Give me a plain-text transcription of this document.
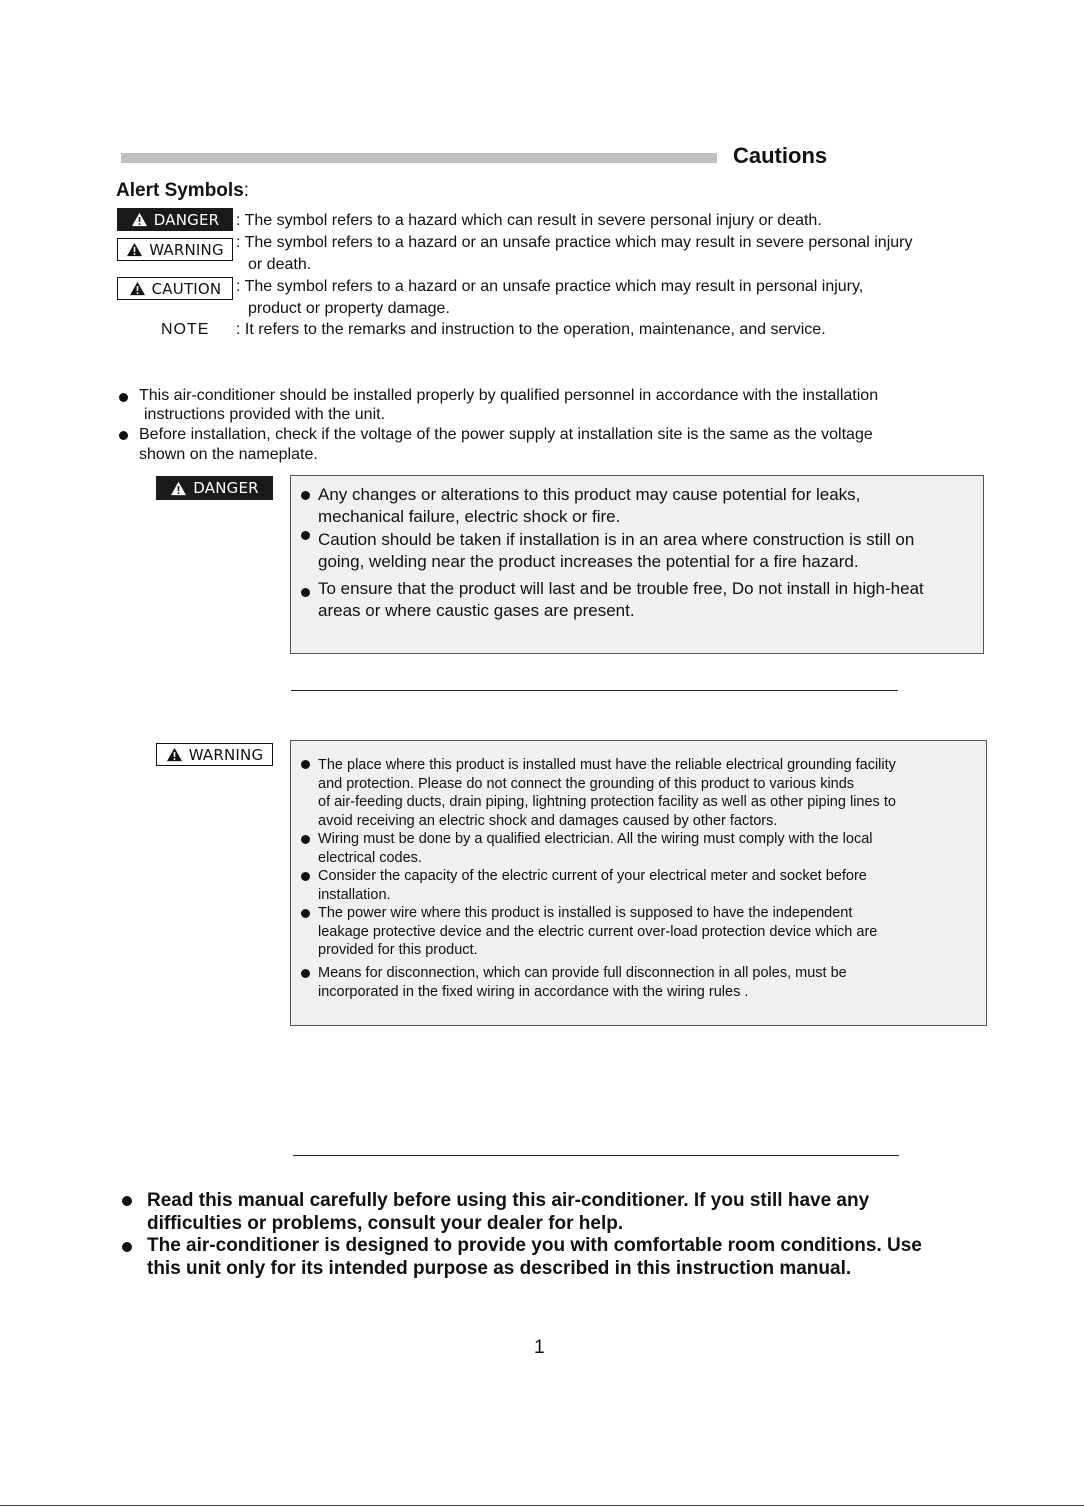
Cautions
Alert Symbols:
DANGER : The symbol refers to a hazard which can result in severe personal injury or death.
WARNING : The symbol refers to a hazard or an unsafe practice which may result in severe personal injury
or death.
CAUTION : The symbol refers to a hazard or an unsafe practice which may result in personal injury,
product or property damage.
NOTE : It refers to the remarks and instruction to the operation, maintenance, and service.
This air-conditioner should be installed properly by qualified personnel in accordance with the installation
instructions provided with the unit.
Before installation, check if the voltage of the power supply at installation site is the same as the voltage
shown on the nameplate.
DANGER	Any changes or alterations to this product may cause potential for leaks,
mechanical failure, electric shock or fire.
Caution should be taken if installation is in an area where construction is still on
going, welding near the product increases the potential for a fire hazard.
To ensure that the product will last and be trouble free, Do not install in high-heat
areas or where caustic gases are present.
WARNING
The place where this product is installed must have the reliable electrical grounding facility
and protection. Please do not connect the grounding of this product to various kinds
of air-feeding ducts, drain piping, lightning protection facility as well as other piping lines to
avoid receiving an electric shock and damages caused by other factors.
Wiring must be done by a qualified electrician. All the wiring must comply with the local
electrical codes.
Consider the capacity of the electric current of your electrical meter and socket before
installation.
The power wire where this product is installed is supposed to have the independent
leakage protective device and the electric current over-load protection device which are
provided for this product.
Means for disconnection, which can provide full disconnection in all poles, must be
incorporated in the fixed wiring in accordance with the wiring rules .
Read this manual carefully before using this air-conditioner. If you still have any
difficulties or problems, consult your dealer for help.
The air-conditioner is designed to provide you with comfortable room conditions. Use
this unit only for its intended purpose as described in this instruction manual.
1
